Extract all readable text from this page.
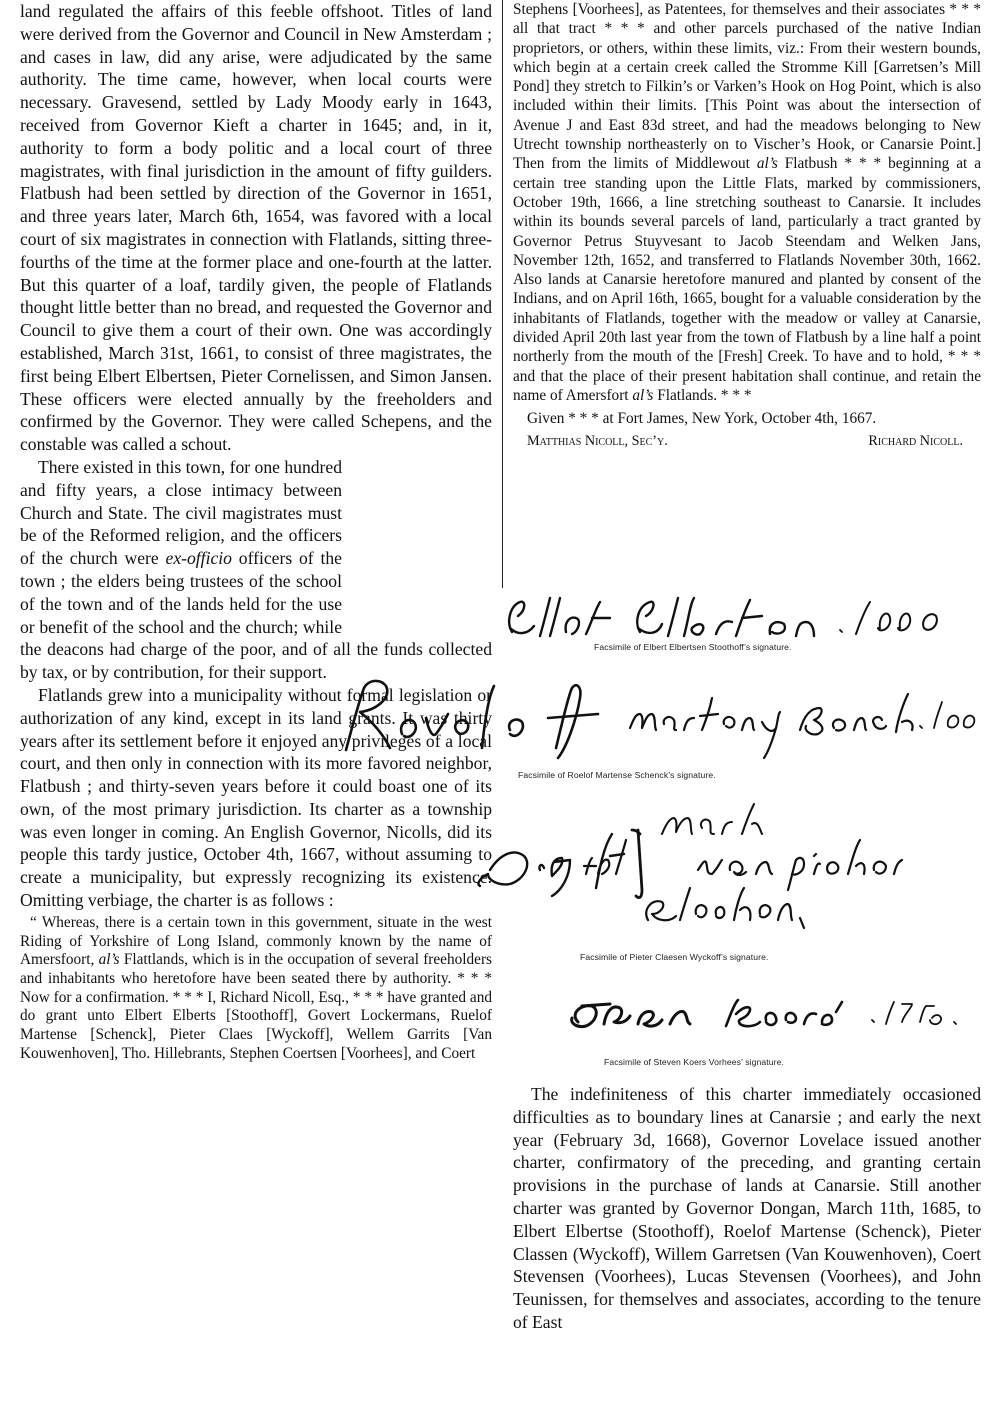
land regulated the affairs of this feeble offshoot. Titles of land were derived from the Governor and Council in New Amsterdam ; and cases in law, did any arise, were adjudicated by the same authority. The time came, however, when local courts were necessary. Gravesend, settled by Lady Moody early in 1643, received from Governor Kieft a charter in 1645; and, in it, authority to form a body politic and a local court of three magistrates, with final jurisdiction in the amount of fifty guilders. Flatbush had been settled by direction of the Governor in 1651, and three years later, March 6th, 1654, was favored with a local court of six magistrates in connection with Flatlands, sitting three-fourths of the time at the former place and one-fourth at the latter. But this quarter of a loaf, tardily given, the people of Flatlands thought little better than no bread, and requested the Governor and Council to give them a court of their own. One was accordingly established, March 31st, 1661, to consist of three magistrates, the first being Elbert Elbertsen, Pieter Cornelissen, and Simon Jansen. These officers were elected annually by the freeholders and confirmed by the Governor. They were called Schepens, and the constable was called a schout.

There existed in this town, for one hundred and fifty years, a close intimacy between Church and State. The civil magistrates must be of the Reformed religion, and the officers of the church were ex-officio officers of the town ; the elders being trustees of the school of the town and of the lands held for the use or benefit of the school and the church; while the deacons had charge of the poor, and of all the funds collected by tax, or by contribution, for their support.

Flatlands grew into a municipality without formal legislation or authorization of any kind, except in its land grants. It was thirty years after its settlement before it enjoyed any privileges of a local court, and then only in connection with its more favored neighbor, Flatbush ; and thirty-seven years before it could boast one of its own, of the most primary jurisdiction. Its charter as a township was even longer in coming. An English Governor, Nicolls, did its people this tardy justice, October 4th, 1667, without assuming to create a municipality, but expressly recognizing its existence. Omitting verbiage, the charter is as follows :

“ Whereas, there is a certain town in this government, situate in the west Riding of Yorkshire of Long Island, commonly known by the name of Amersfoort, al’s Flattlands, which is in the occupation of several freeholders and inhabitants who heretofore have been seated there by authority. * * * Now for a confirmation. * * * I, Richard Nicoll, Esq., * * * have granted and do grant unto Elbert Elberts [Stoothoff], Govert Lockermans, Ruelof Martense [Schenck], Pieter Claes [Wyckoff], Wellem Garrits [Van Kouwenhoven], Tho. Hillebrants, Stephen Coertsen [Voorhees], and Coert

Stephens [Voorhees], as Patentees, for themselves and their associates * * * all that tract * * * and other parcels purchased of the native Indian proprietors, or others, within these limits, viz.: From their western bounds, which begin at a certain creek called the Stromme Kill [Garretsen’s Mill Pond] they stretch to Filkin’s or Varken’s Hook on Hog Point, which is also included within their limits. [This Point was about the intersection of Avenue J and East 83d street, and had the meadows belonging to New Utrecht township northeasterly on to Vischer’s Hook, or Canarsie Point.] Then from the limits of Middlewout al’s Flatbush * * * beginning at a certain tree standing upon the Little Flats, marked by commissioners, October 19th, 1666, a line stretching southeast to Canarsie. It includes within its bounds several parcels of land, particularly a tract granted by Governor Petrus Stuyvesant to Jacob Steendam and Welken Jans, November 12th, 1652, and transferred to Flatlands November 30th, 1662. Also lands at Canarsie heretofore manured and planted by consent of the Indians, and on April 16th, 1665, bought for a valuable consideration by the inhabitants of Flatlands, together with the meadow or valley at Canarsie, divided April 20th last year from the town of Flatbush by a line half a point northerly from the mouth of the [Fresh] Creek. To have and to hold, * * * and that the place of their present habitation shall continue, and retain the name of Amersfort al’s Flatlands. * * *

Given * * * at Fort James, New York, October 4th, 1667.

Matthias Nicoll, Sec’y.	Richard Nicoll.
Facsimile of Elbert Elbertsen Stoothoff’s signature.
Facsimile of Roelof Martense Schenck’s signature.
Facsimile of Pieter Claesen Wyckoff’s signature.
Facsimile of Steven Koers Vorhees’ signature.

The indefiniteness of this charter immediately occasioned difficulties as to boundary lines at Canarsie ; and early the next year (February 3d, 1668), Governor Lovelace issued another charter, confirmatory of the preceding, and granting certain provisions in the purchase of lands at Canarsie. Still another charter was granted by Governor Dongan, March 11th, 1685, to Elbert Elbertse (Stoothoff), Roelof Martense (Schenck), Pieter Classen (Wyckoff), Willem Garretsen (Van Kouwenhoven), Coert Stevensen (Voorhees), Lucas Stevensen (Voorhees), and John Teunissen, for themselves and associates, according to the tenure of East
